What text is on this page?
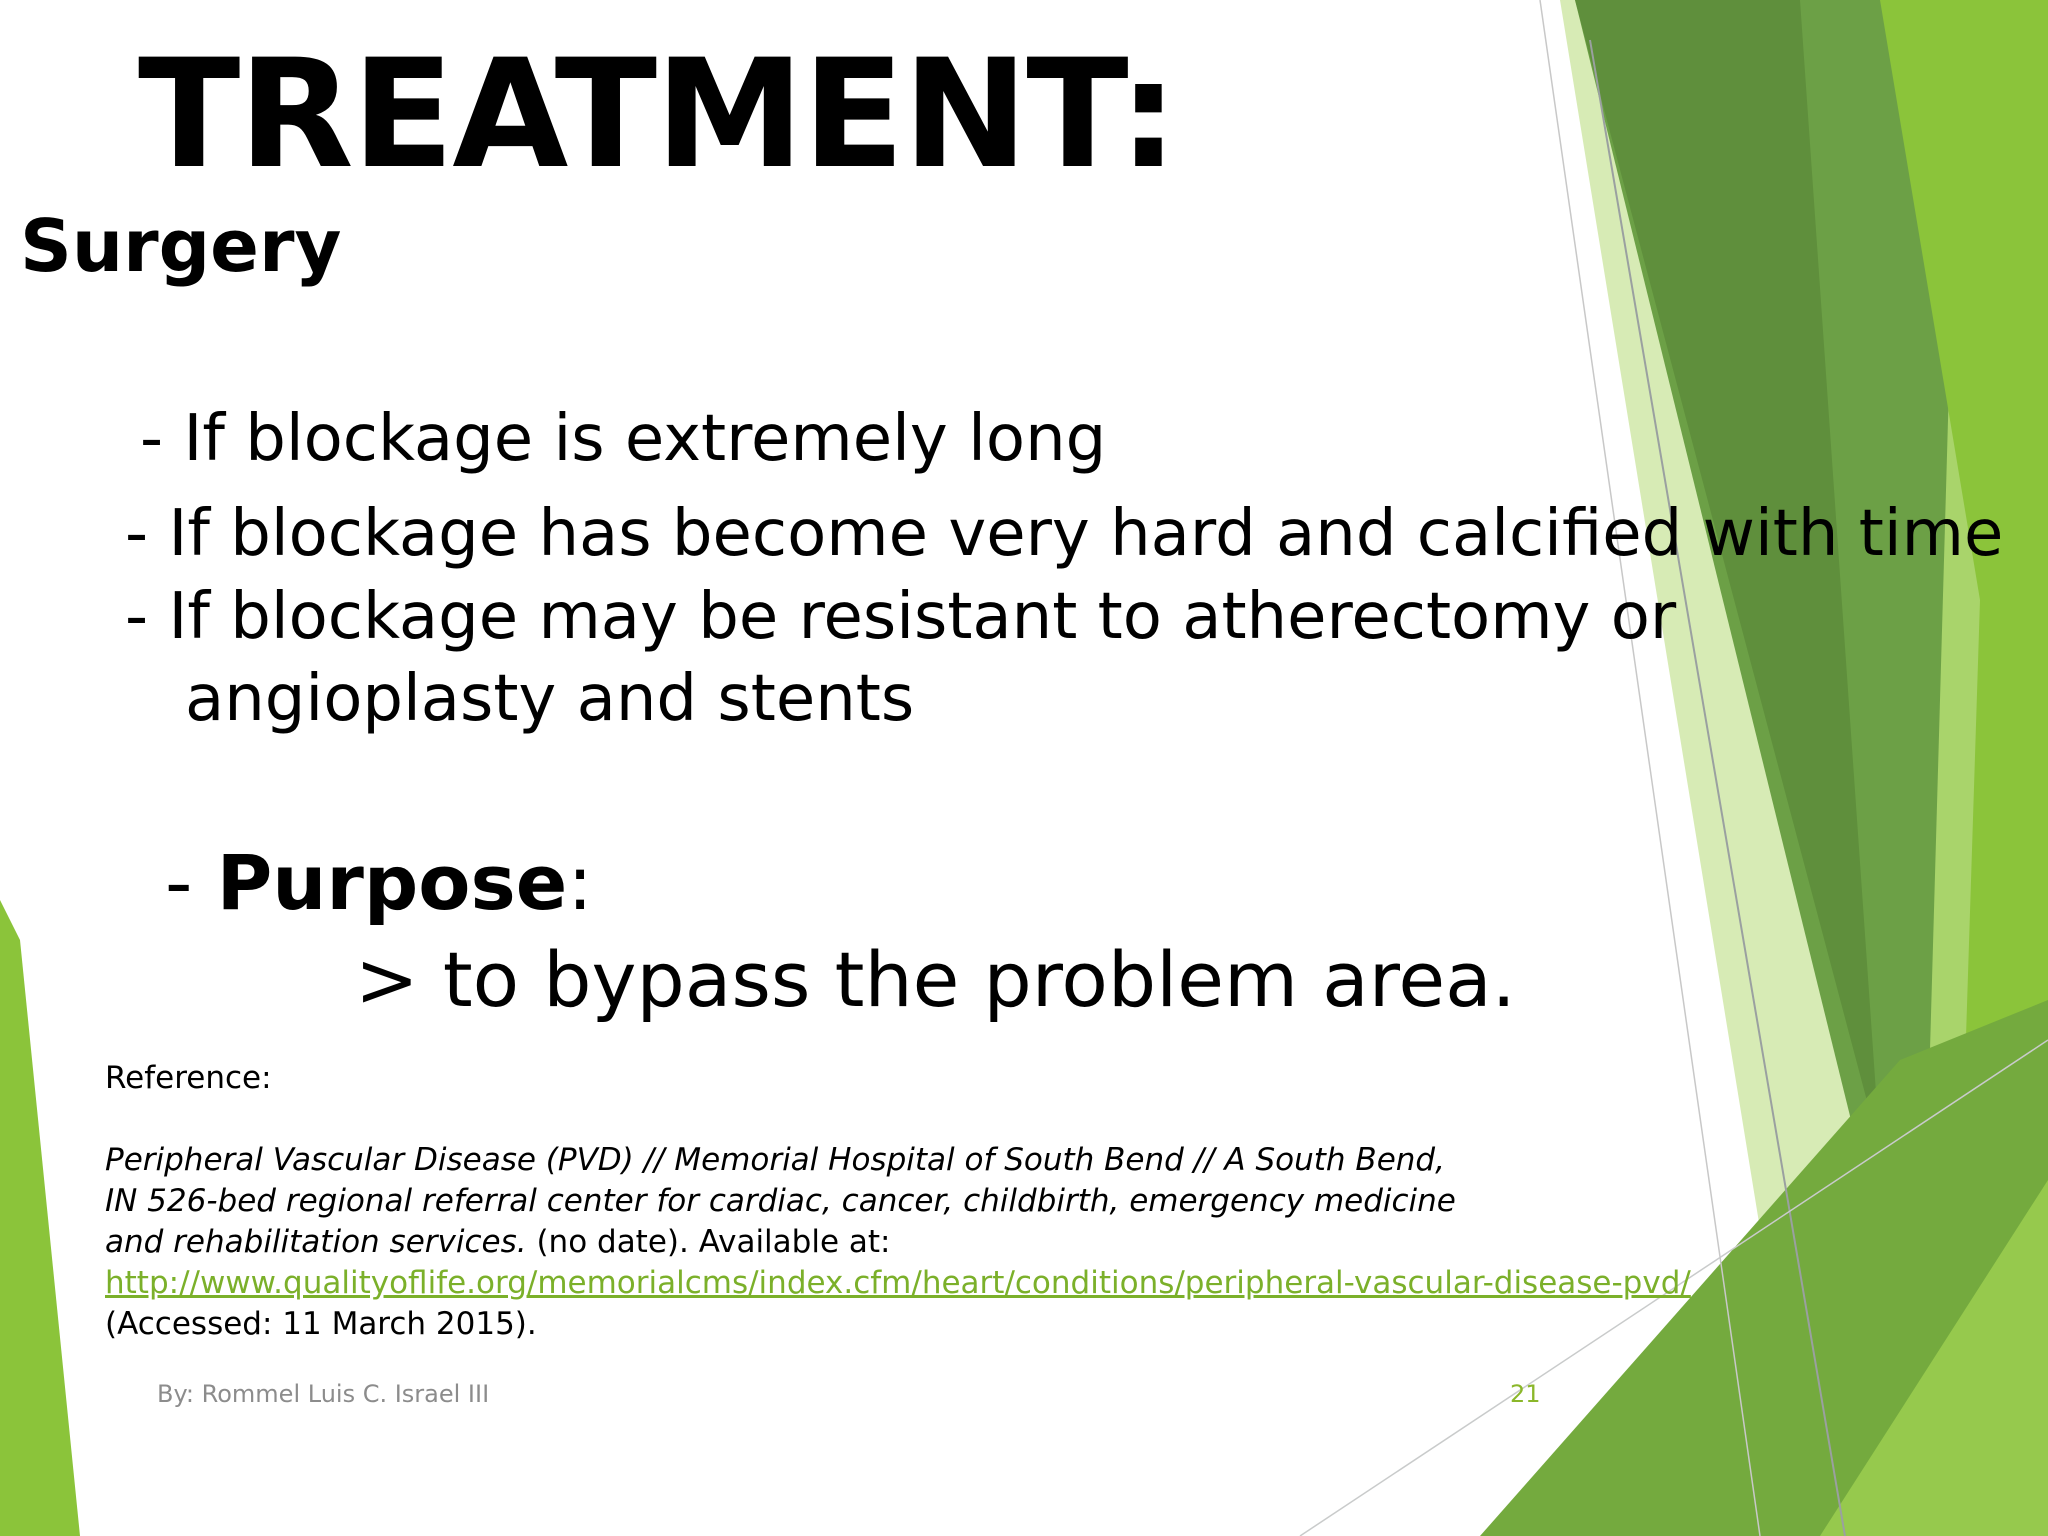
TREATMENT:
Surgery
- If blockage is extremely long
- If blockage has become very hard and calcified with time
- If blockage may be resistant to atherectomy or
angioplasty and stents
- Purpose:
> to bypass the problem area.

Reference:

Peripheral Vascular Disease (PVD) // Memorial Hospital of South Bend // A South Bend,

IN 526-bed regional referral center for cardiac, cancer, childbirth, emergency medicine

and rehabilitation services. (no date). Available at:

http://www.qualityoflife.org/memorialcms/index.cfm/heart/conditions/peripheral-vascular-disease-pvd/

(Accessed: 11 March 2015).

By: Rommel Luis C. Israel III	21
